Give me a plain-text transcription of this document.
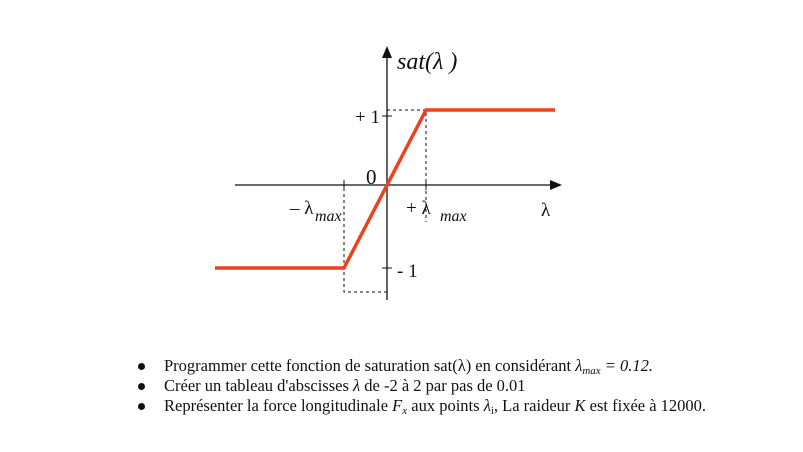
sat(λ )
+ 1
0
- 1
– λ max	+ λ max	λ
Programmer cette fonction de saturation sat(λ) en considérant $\lambda_{max} = 0.12$.
Créer un tableau d'abscisses λ de -2 à 2 par pas de 0.01
Représenter la force longitudinale $F_x$ aux points $\lambda_i$, La raideur K est fixée à 12000.
